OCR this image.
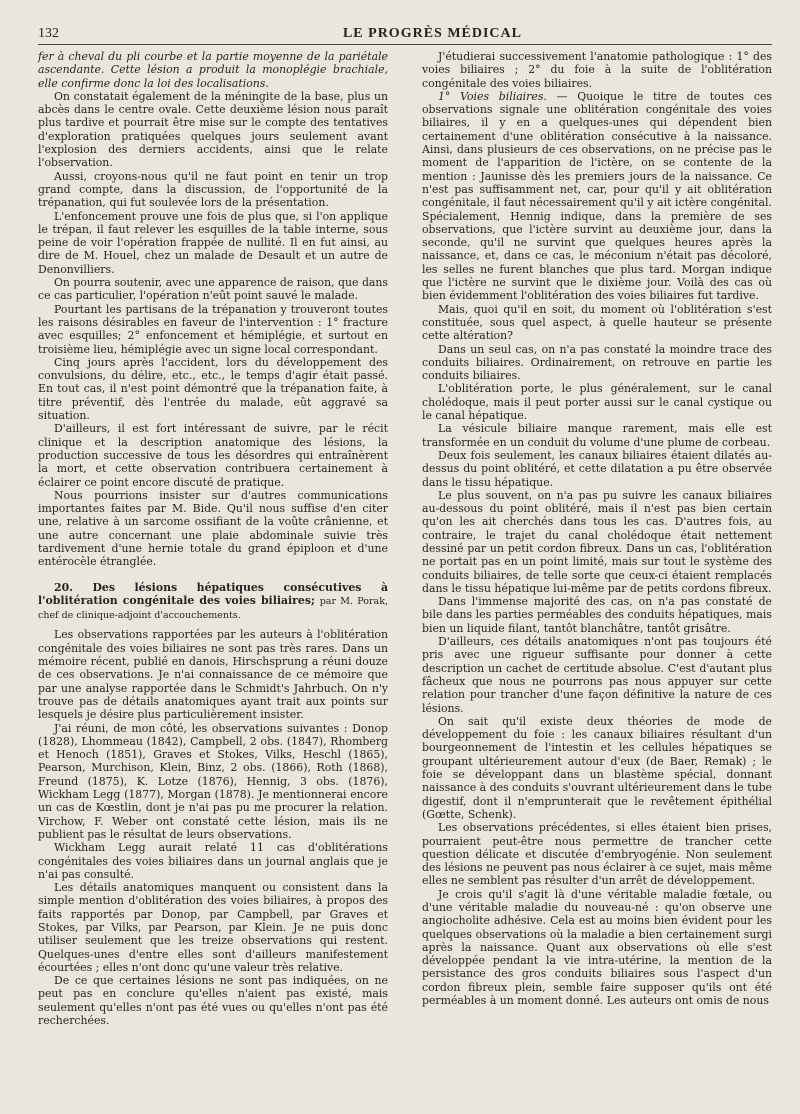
132	LE PROGRÈS MÉDICAL

fer à cheval du pli courbe et la partie moyenne de la pariétale ascendante. Cette lésion a produit la monoplégie brachiale, elle confirme donc la loi des localisations.

On constatait également de la méningite de la base, plus un abcès dans le centre ovale. Cette deuxième lésion nous paraît plus tardive et pourrait être mise sur le compte des tentatives d'exploration pratiquées quelques jours seulement avant l'explosion des derniers accidents, ainsi que le relate l'observation.

Aussi, croyons-nous qu'il ne faut point en tenir un trop grand compte, dans la discussion, de l'opportunité de la trépanation, qui fut soulevée lors de la présentation.

L'enfoncement prouve une fois de plus que, si l'on applique le trépan, il faut relever les esquilles de la table interne, sous peine de voir l'opération frappée de nullité. Il en fut ainsi, au dire de M. Houel, chez un malade de Desault et un autre de Denonvilliers.

On pourra soutenir, avec une apparence de raison, que dans ce cas particulier, l'opération n'eût point sauvé le malade.

Pourtant les partisans de la trépanation y trouveront toutes les raisons désirables en faveur de l'intervention : 1° fracture avec esquilles; 2° enfoncement et hémiplégie, et surtout en troisième lieu, hémiplégie avec un signe local correspondant.

Cinq jours après l'accident, lors du développement des convulsions, du délire, etc., etc., le temps d'agir était passé. En tout cas, il n'est point démontré que la trépanation faite, à titre préventif, dès l'entrée du malade, eût aggravé sa situation.

D'ailleurs, il est fort intéressant de suivre, par le récit clinique et la description anatomique des lésions, la production successive de tous les désordres qui entraînèrent la mort, et cette observation contribuera certainement à éclairer ce point encore discuté de pratique.

Nous pourrions insister sur d'autres communications importantes faites par M. Bide. Qu'il nous suffise d'en citer une, relative à un sarcome ossifiant de la voûte crânienne, et une autre concernant une plaie abdominale suivie très tardivement d'une hernie totale du grand épiploon et d'une entérocèle étranglée.

20. Des lésions hépatiques consécutives à l'oblitération congénitale des voies biliaires; par M. Porak, chef de clinique-adjoint d'accouchements.

Les observations rapportées par les auteurs à l'oblitération congénitale des voies biliaires ne sont pas très rares. Dans un mémoire récent, publié en danois, Hirschsprung a réuni douze de ces observations. Je n'ai connaissance de ce mémoire que par une analyse rapportée dans le Schmidt's Jahrbuch. On n'y trouve pas de détails anatomiques ayant trait aux points sur lesquels je désire plus particulièrement insister.

J'ai réuni, de mon côté, les observations suivantes : Donop (1828), Lhommeau (1842), Campbell, 2 obs. (1847), Rhomberg et Henoch (1851), Graves et Stokes, Vilks, Heschl (1865), Pearson, Murchison, Klein, Binz, 2 obs. (1866), Roth (1868), Freund (1875), K. Lotze (1876), Hennig, 3 obs. (1876), Wickham Legg (1877), Morgan (1878). Je mentionnerai encore un cas de Kœstlin, dont je n'ai pas pu me procurer la relation. Virchow, F. Weber ont constaté cette lésion, mais ils ne publient pas le résultat de leurs observations.

Wickham Legg aurait relaté 11 cas d'oblitérations congénitales des voies biliaires dans un journal anglais que je n'ai pas consulté.

Les détails anatomiques manquent ou consistent dans la simple mention d'oblitération des voies biliaires, à propos des faits rapportés par Donop, par Campbell, par Graves et Stokes, par Vilks, par Pearson, par Klein. Je ne puis donc utiliser seulement que les treize observations qui restent. Quelques-unes d'entre elles sont d'ailleurs manifestement écourtées ; elles n'ont donc qu'une valeur très relative.

De ce que certaines lésions ne sont pas indiquées, on ne peut pas en conclure qu'elles n'aient pas existé, mais seulement qu'elles n'ont pas été vues ou qu'elles n'ont pas été recherchées.

J'étudierai successivement l'anatomie pathologique : 1° des voies biliaires ; 2° du foie à la suite de l'oblitération congénitale des voies biliaires.

1° Voies biliaires. — Quoique le titre de toutes ces observations signale une oblitération congénitale des voies biliaires, il y en a quelques-unes qui dépendent bien certainement d'une oblitération consécutive à la naissance. Ainsi, dans plusieurs de ces observations, on ne précise pas le moment de l'apparition de l'ictère, on se contente de la mention : Jaunisse dès les premiers jours de la naissance. Ce n'est pas suffisamment net, car, pour qu'il y ait oblitération congénitale, il faut nécessairement qu'il y ait ictère congénital. Spécialement, Hennig indique, dans la première de ses observations, que l'ictère survint au deuxième jour, dans la seconde, qu'il ne survint que quelques heures après la naissance, et, dans ce cas, le méconium n'était pas décoloré, les selles ne furent blanches que plus tard. Morgan indique que l'ictère ne survint que le dixième jour. Voilà des cas où bien évidemment l'oblitération des voies biliaires fut tardive.

Mais, quoi qu'il en soit, du moment où l'oblitération s'est constituée, sous quel aspect, à quelle hauteur se présente cette altération?

Dans un seul cas, on n'a pas constaté la moindre trace des conduits biliaires. Ordinairement, on retrouve en partie les conduits biliaires.

L'oblitération porte, le plus généralement, sur le canal cholédoque, mais il peut porter aussi sur le canal cystique ou le canal hépatique.

La vésicule biliaire manque rarement, mais elle est transformée en un conduit du volume d'une plume de corbeau.

Deux fois seulement, les canaux biliaires étaient dilatés au-dessus du point oblitéré, et cette dilatation a pu être observée dans le tissu hépatique.

Le plus souvent, on n'a pas pu suivre les canaux biliaires au-dessous du point oblitéré, mais il n'est pas bien certain qu'on les ait cherchés dans tous les cas. D'autres fois, au contraire, le trajet du canal cholédoque était nettement dessiné par un petit cordon fibreux. Dans un cas, l'oblitération ne portait pas en un point limité, mais sur tout le système des conduits biliaires, de telle sorte que ceux-ci étaient remplacés dans le tissu hépatique lui-même par de petits cordons fibreux.

Dans l'immense majorité des cas, on n'a pas constaté de bile dans les parties perméables des conduits hépatiques, mais bien un liquide filant, tantôt blanchâtre, tantôt grisâtre.

D'ailleurs, ces détails anatomiques n'ont pas toujours été pris avec une rigueur suffisante pour donner à cette description un cachet de certitude absolue. C'est d'autant plus fâcheux que nous ne pourrons pas nous appuyer sur cette relation pour trancher d'une façon définitive la nature de ces lésions.

On sait qu'il existe deux théories de mode de développement du foie : les canaux biliaires résultant d'un bourgeonnement de l'intestin et les cellules hépatiques se groupant ultérieurement autour d'eux (de Baer, Remak) ; le foie se développant dans un blastème spécial, donnant naissance à des conduits s'ouvrant ultérieurement dans le tube digestif, dont il n'emprunterait que le revêtement épithélial (Gœtte, Schenk).

Les observations précédentes, si elles étaient bien prises, pourraient peut-être nous permettre de trancher cette question délicate et discutée d'embryogénie. Non seulement des lésions ne peuvent pas nous éclairer à ce sujet, mais même elles ne semblent pas résulter d'un arrêt de développement.

Je crois qu'il s'agit là d'une véritable maladie fœtale, ou d'une véritable maladie du nouveau-né : qu'on observe une angiocholite adhésive. Cela est au moins bien évident pour les quelques observations où la maladie a bien certainement surgi après la naissance. Quant aux observations où elle s'est développée pendant la vie intra-utérine, la mention de la persistance des gros conduits biliaires sous l'aspect d'un cordon fibreux plein, semble faire supposer qu'ils ont été perméables à un moment donné. Les auteurs ont omis de nous
